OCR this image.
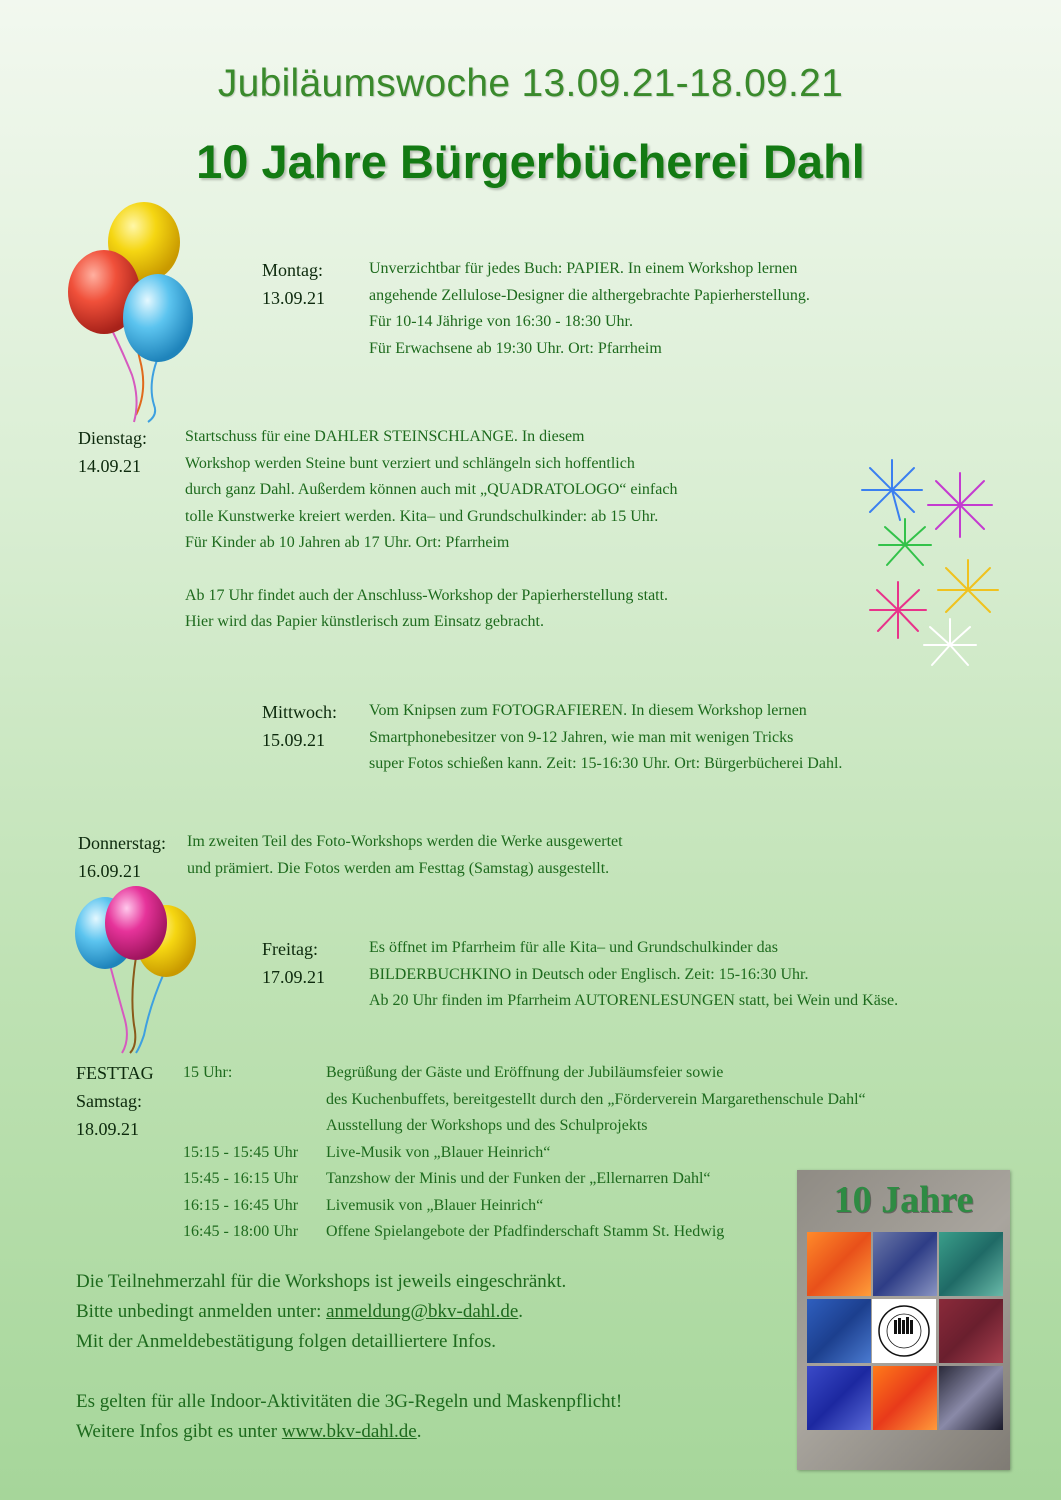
Jubiläumswoche 13.09.21-18.09.21
10 Jahre Bürgerbücherei Dahl
Montag:
13.09.21
Unverzichtbar für jedes Buch: PAPIER. In einem Workshop lernen
angehende Zellulose-Designer die althergebrachte Papierherstellung.
Für 10-14 Jährige von 16:30 - 18:30 Uhr.
Für Erwachsene ab 19:30 Uhr. Ort: Pfarrheim
Dienstag:
14.09.21
Startschuss für eine DAHLER STEINSCHLANGE. In diesem
Workshop werden Steine bunt verziert und schlängeln sich hoffentlich
durch ganz Dahl. Außerdem können auch mit „QUADRATOLOGO“ einfach
tolle Kunstwerke kreiert werden. Kita– und Grundschulkinder: ab 15 Uhr.
Für Kinder ab 10 Jahren ab 17 Uhr. Ort: Pfarrheim
Ab 17 Uhr findet auch der Anschluss-Workshop der Papierherstellung statt.
Hier wird das Papier künstlerisch zum Einsatz gebracht.
Mittwoch:
15.09.21
Vom Knipsen zum FOTOGRAFIEREN. In diesem Workshop lernen
Smartphonebesitzer von 9-12 Jahren, wie man mit wenigen Tricks
super Fotos schießen kann. Zeit: 15-16:30 Uhr. Ort: Bürgerbücherei Dahl.
Donnerstag:
16.09.21
Im zweiten Teil des Foto-Workshops werden die Werke ausgewertet
und prämiert. Die Fotos werden am Festtag (Samstag) ausgestellt.
Freitag:
17.09.21
Es öffnet im Pfarrheim für alle Kita– und Grundschulkinder das
BILDERBUCHKINO in Deutsch oder Englisch. Zeit: 15-16:30 Uhr.
Ab 20 Uhr finden im Pfarrheim AUTORENLESUNGEN statt, bei Wein und Käse.
FESTTAG
Samstag:
18.09.21
15 Uhr:	Begrüßung der Gäste und Eröffnung der Jubiläumsfeier sowie
des Kuchenbuffets, bereitgestellt durch den „Förderverein Margarethenschule Dahl“
Ausstellung der Workshops und des Schulprojekts
15:15 - 15:45 Uhr	Live-Musik von „Blauer Heinrich“
15:45 - 16:15 Uhr	Tanzshow der Minis und der Funken der „Ellernarren Dahl“
16:15 - 16:45 Uhr	Livemusik von „Blauer Heinrich“
16:45 - 18:00 Uhr	Offene Spielangebote der Pfadfinderschaft Stamm St. Hedwig
Die Teilnehmerzahl für die Workshops ist jeweils eingeschränkt.
Bitte unbedingt anmelden unter: anmeldung@bkv-dahl.de.
Mit der Anmeldebestätigung folgen detailliertere Infos.
Es gelten für alle Indoor-Aktivitäten die 3G-Regeln und Maskenpflicht!
Weitere Infos gibt es unter www.bkv-dahl.de.
10 Jahre
